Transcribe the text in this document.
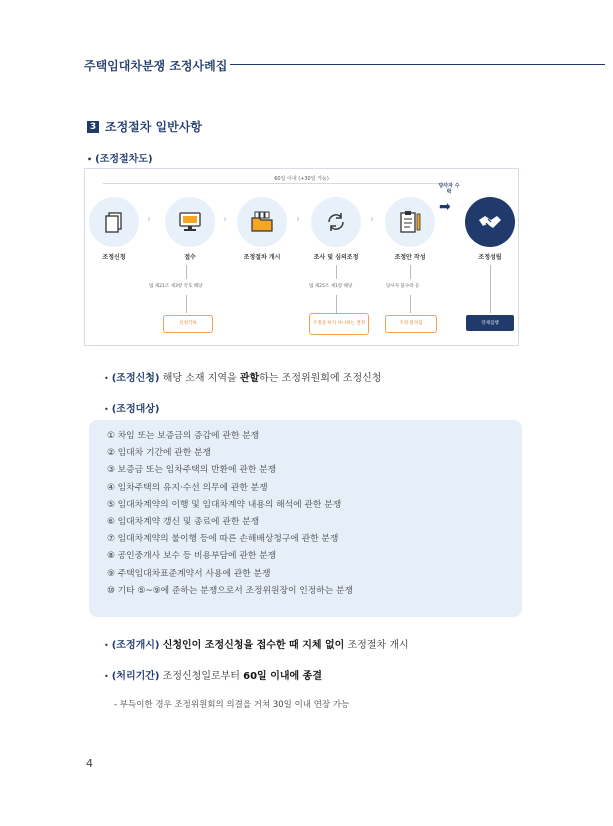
주택임대차분쟁 조정사례집
3 조정절차 일반사항
• (조정절차도)
60일 이내 (+30일 가능)
조정신청
›
접수
›
조정절차 개시
›
조사 및 심의조정
›
조정안 작성
당사자 수락
➡
조정성립
법 제21조 제3항 각호 해당	법 제25조 제1항 해당	당사자 불수락 등
신청각하	조정을 하지 아니하는 결정	조정 불성립	강제집행
• (조정신청) 해당 소재 지역을 관할하는 조정위원회에 조정신청
• (조정대상)
① 차임 또는 보증금의 증감에 관한 분쟁
② 임대차 기간에 관한 분쟁
③ 보증금 또는 임차주택의 반환에 관한 분쟁
④ 임차주택의 유지·수선 의무에 관한 분쟁
⑤ 임대차계약의 이행 및 임대차계약 내용의 해석에 관한 분쟁
⑥ 임대차계약 갱신 및 종료에 관한 분쟁
⑦ 임대차계약의 불이행 등에 따른 손해배상청구에 관한 분쟁
⑧ 공인중개사 보수 등 비용부담에 관한 분쟁
⑨ 주택임대차표준계약서 사용에 관한 분쟁
⑩ 기타 ⑤~⑨에 준하는 분쟁으로서 조정위원장이 인정하는 분쟁
• (조정개시) 신청인이 조정신청을 접수한 때 지체 없이 조정절차 개시
• (처리기간) 조정신청일로부터 60일 이내에 종결
- 부득이한 경우 조정위원회의 의결을 거쳐 30일 이내 연장 가능
4
